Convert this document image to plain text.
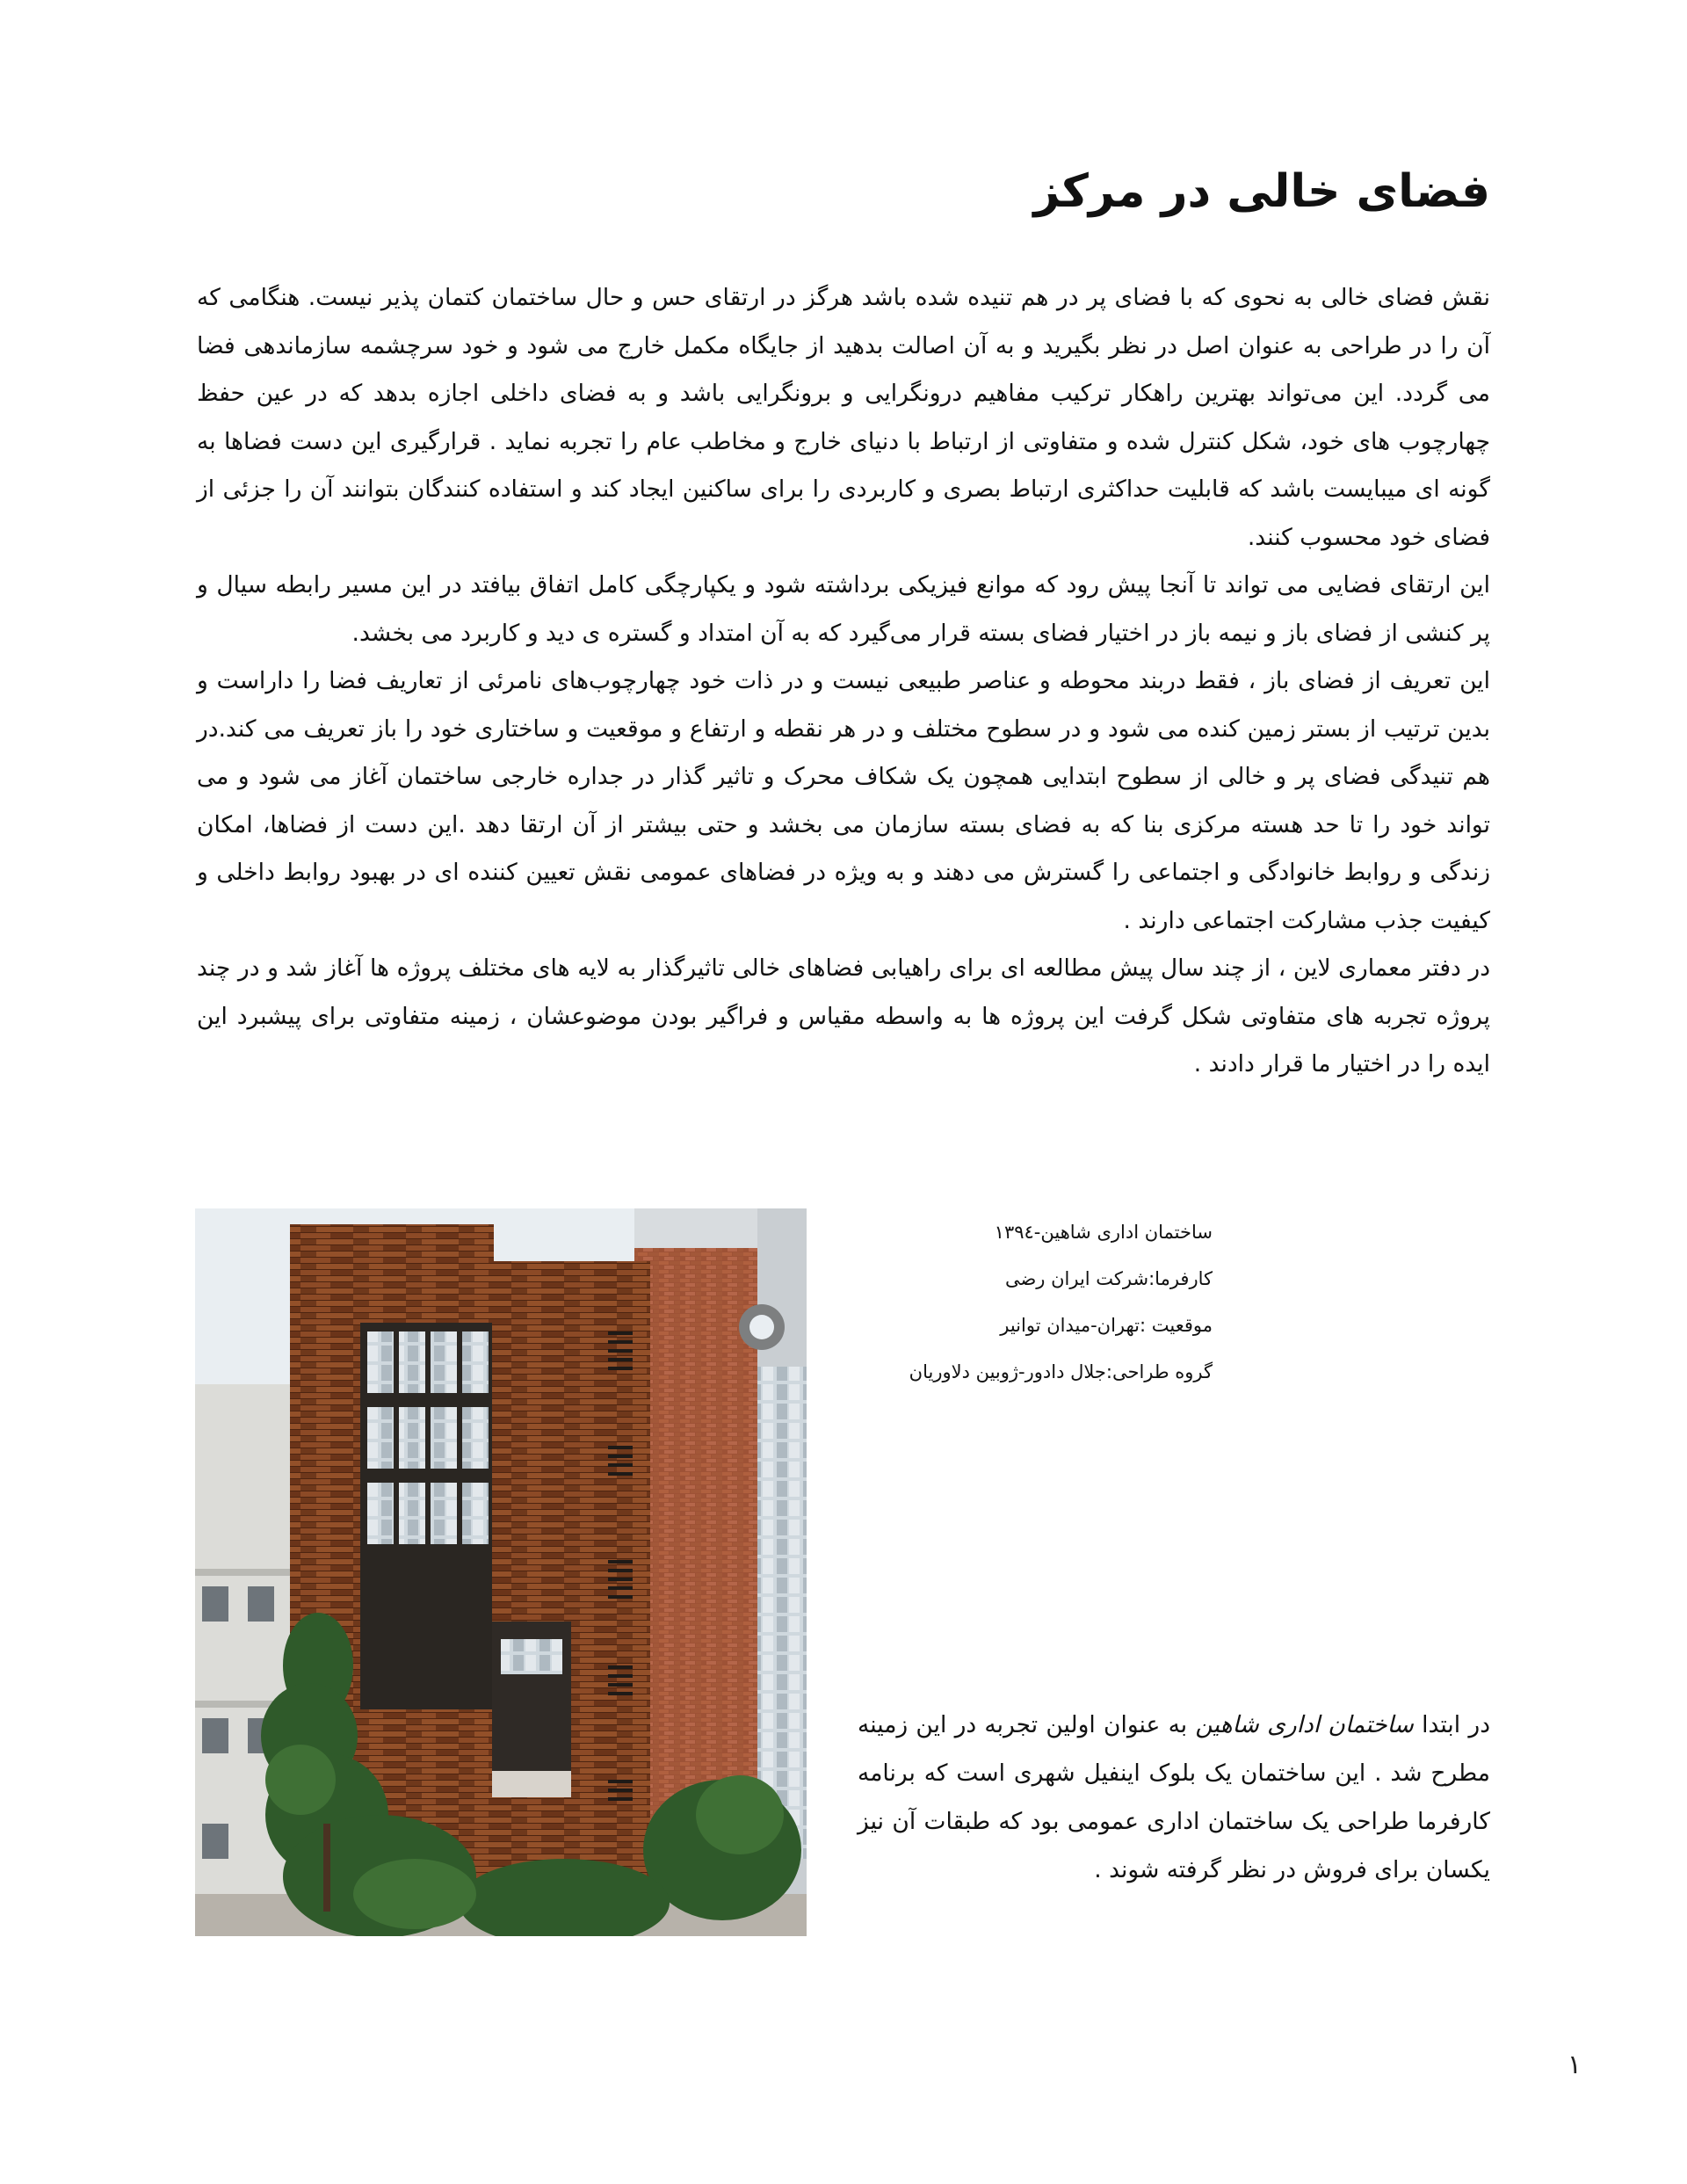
فضای خالی در مرکز

نقش فضای خالی به نحوی که با فضای پر در هم تنیده شده باشد هرگز در ارتقای حس و حال ساختمان کتمان پذیر نیست. هنگامی که آن را در طراحی به عنوان اصل در نظر بگیرید و به آن اصالت بدهید از جایگاه مکمل خارج می شود و خود سرچشمه سازماندهی فضا می گردد. این می‌تواند بهترین راهکار ترکیب مفاهیم درونگرایی و برونگرایی باشد و به فضای داخلی اجازه بدهد که در عین حفظ چهارچوب های خود، شکل کنترل شده و متفاوتی از ارتباط با دنیای خارج و مخاطب عام را تجربه نماید . قرارگیری این دست فضاها به گونه ای میبایست باشد که قابلیت حداکثری ارتباط بصری و کاربردی را برای ساکنین ایجاد کند و استفاده کنندگان بتوانند آن را جزئی از فضای خود محسوب کنند.

این ارتقای فضایی می تواند تا آنجا پیش رود که موانع فیزیکی برداشته شود و یکپارچگی کامل اتفاق بیافتد در این مسیر رابطه سیال و پر کنشی از فضای باز و نیمه باز در اختیار فضای بسته قرار می‌گیرد که به آن امتداد و گستره ی دید و کاربرد می بخشد.

این تعریف از فضای باز ، فقط دربند محوطه و عناصر طبیعی نیست و در ذات خود چهارچوب‌های نامرئی از تعاریف فضا را داراست و بدین ترتیب از بستر زمین کنده می شود و در سطوح مختلف و در هر نقطه و ارتفاع و موقعیت و ساختاری خود را باز تعریف می کند.در هم تنیدگی فضای پر و خالی از سطوح ابتدایی همچون یک شکاف محرک و تاثیر گذار در جداره خارجی ساختمان آغاز می شود و می تواند خود را تا حد هسته مرکزی بنا که به فضای بسته سازمان می بخشد و حتی بیشتر از آن ارتقا دهد .این دست از فضاها، امکان زندگی و روابط خانوادگی و اجتماعی را گسترش می دهند و به ویژه در فضاهای عمومی نقش تعیین کننده ای در بهبود روابط داخلی و کیفیت جذب مشارکت اجتماعی دارند .

در دفتر معماری لاین ، از چند سال پیش مطالعه ای برای راهیابی فضاهای خالی تاثیرگذار به لایه های مختلف پروژه ها آغاز شد و در چند پروژه تجربه های متفاوتی شکل گرفت این پروژه ها به واسطه مقیاس و فراگیر بودن موضوعشان ، زمینه متفاوتی برای پیشبرد این ایده را در اختیار ما قرار دادند .

ساختمان اداری شاهین-۱۳۹٤

کارفرما:شرکت ایران رضی

موقعیت :تهران-میدان توانیر

گروه طراحی:جلال دادور-ژوبین دلاوریان

در ابتدا ساختمان اداری شاهین به عنوان اولین تجربه در این زمینه مطرح شد . این ساختمان یک بلوک اینفیل شهری است که برنامه کارفرما طراحی یک ساختمان اداری عمومی بود که طبقات آن نیز یکسان برای فروش در نظر گرفته شوند .

۱
